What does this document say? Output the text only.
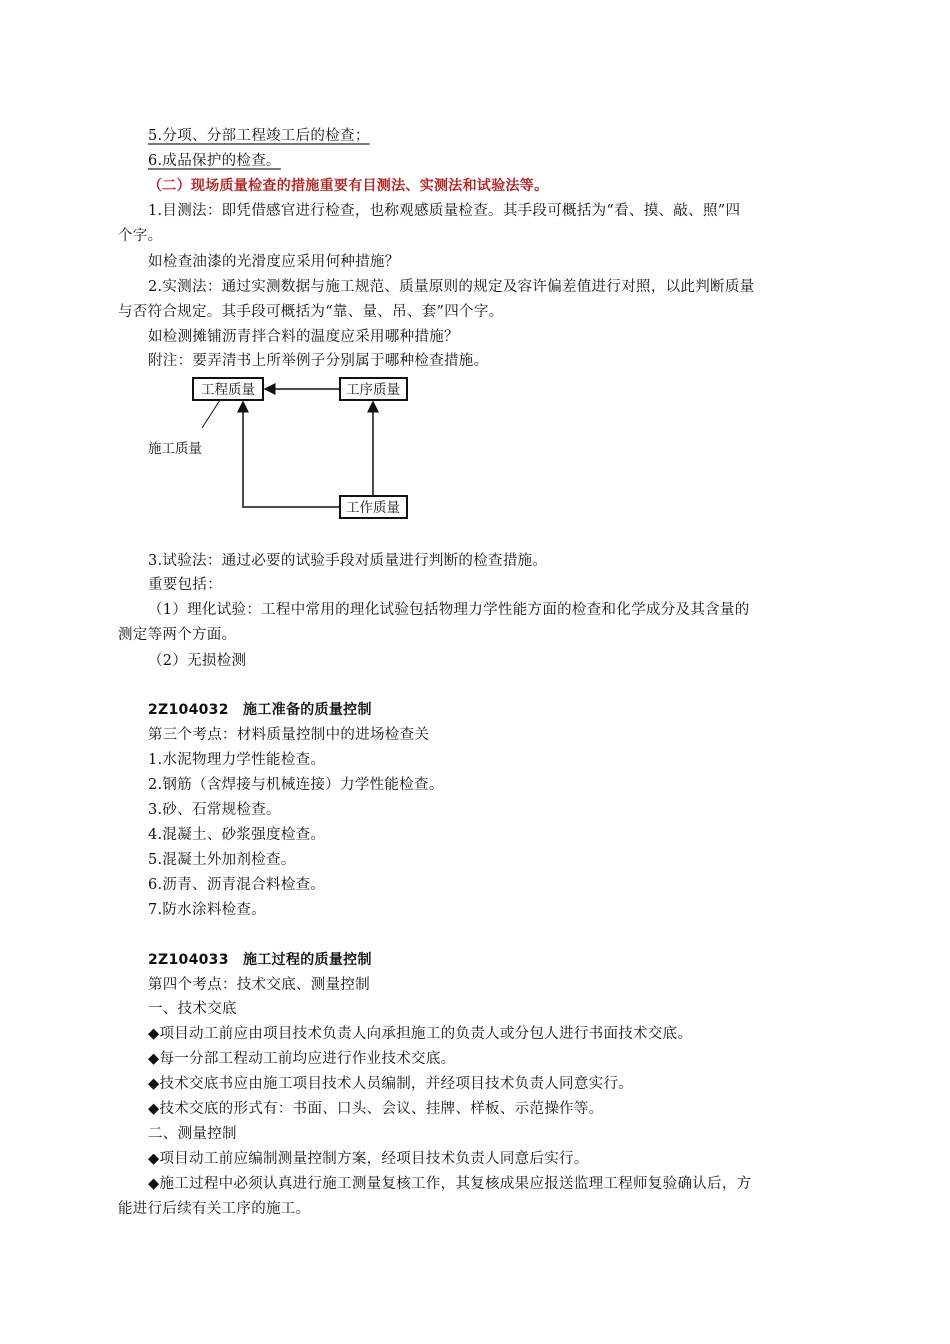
5.分项、分部工程竣工后的检查；
6.成品保护的检查。
（二）现场质量检查的措施重要有目测法、实测法和试验法等。
1.目测法：即凭借感官进行检查，也称观感质量检查。其手段可概括为“看、摸、敲、照”四
个字。
如检查油漆的光滑度应采用何种措施？
2.实测法：通过实测数据与施工规范、质量原则的规定及容许偏差值进行对照，以此判断质量
与否符合规定。其手段可概括为“靠、量、吊、套”四个字。
如检测摊铺沥青拌合料的温度应采用哪种措施？
附注：要弄清书上所举例子分别属于哪种检查措施。
工程质量	工序质量
工作质量
施工质量
3.试验法：通过必要的试验手段对质量进行判断的检查措施。
重要包括：
（1）理化试验：工程中常用的理化试验包括物理力学性能方面的检查和化学成分及其含量的
测定等两个方面。
（2）无损检测
2Z104032　施工准备的质量控制
第三个考点：材料质量控制中的进场检查关
1.水泥物理力学性能检查。
2.钢筋（含焊接与机械连接）力学性能检查。
3.砂、石常规检查。
4.混凝土、砂浆强度检查。
5.混凝土外加剂检查。
6.沥青、沥青混合料检查。
7.防水涂料检查。
2Z104033　施工过程的质量控制
第四个考点：技术交底、测量控制
一、技术交底
◆项目动工前应由项目技术负责人向承担施工的负责人或分包人进行书面技术交底。
◆每一分部工程动工前均应进行作业技术交底。
◆技术交底书应由施工项目技术人员编制，并经项目技术负责人同意实行。
◆技术交底的形式有：书面、口头、会议、挂牌、样板、示范操作等。
二、测量控制
◆项目动工前应编制测量控制方案，经项目技术负责人同意后实行。
◆施工过程中必须认真进行施工测量复核工作，其复核成果应报送监理工程师复验确认后，方
能进行后续有关工序的施工。
